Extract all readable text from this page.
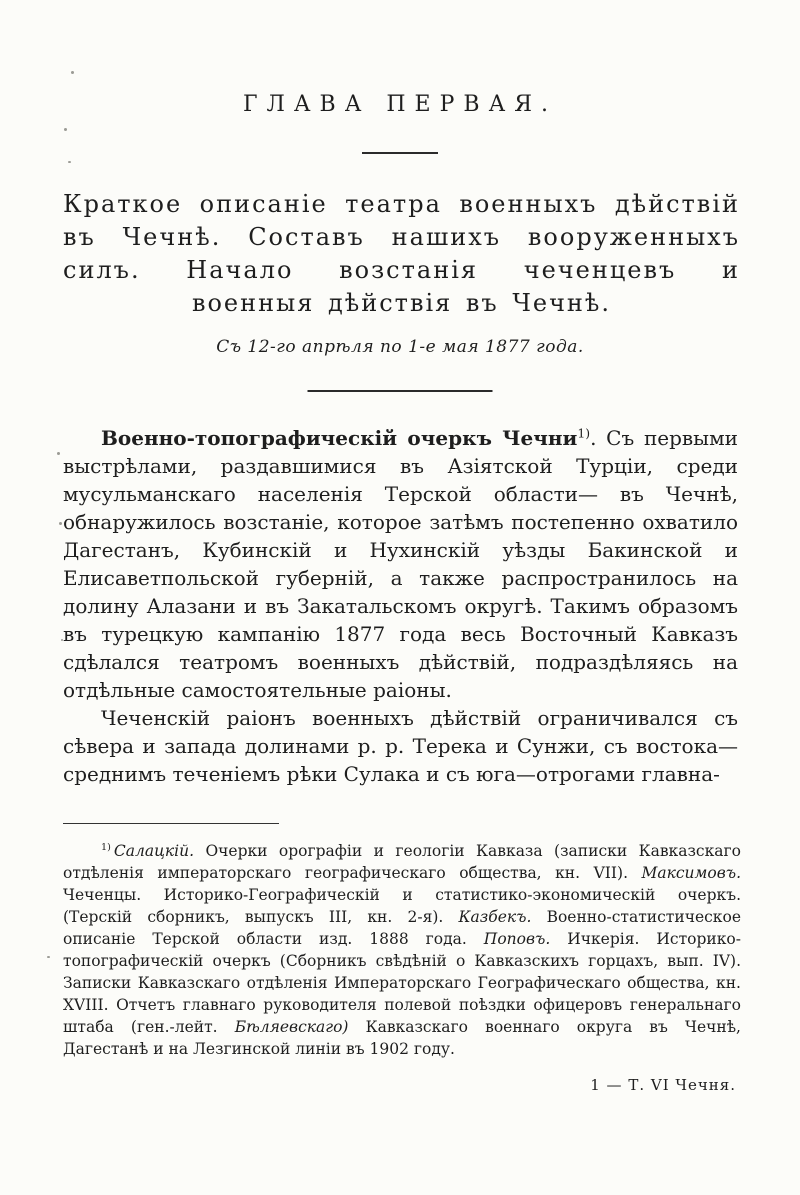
ГЛАВА ПЕРВАЯ.

Краткое описаніе театра военныхъ дѣйствій въ Чечнѣ. Составъ нашихъ вооруженныхъ силъ. Начало возстанія чеченцевъ и военныя дѣйствія въ Чечнѣ.

Съ 12-го апрѣля по 1-е мая 1877 года.

Военно-топографическій очеркъ Чечни$^{1)}$. Съ первыми выстрѣлами, раздавшимися въ Азіятской Турціи, среди мусульманскаго населенія Терской области— въ Чечнѣ, обнаружилось возстаніе, которое затѣмъ постепенно охватило Дагестанъ, Кубинскій и Нухинскій уѣзды Бакинской и Елисаветпольской губерній, а также распространилось на долину Алазани и въ Закатальскомъ округѣ. Такимъ образомъ въ турецкую кампанію 1877 года весь Восточный Кавказъ сдѣлался театромъ военныхъ дѣйствій, подраздѣляясь на отдѣльные самостоятельные раіоны.

Чеченскій раіонъ военныхъ дѣйствій ограничивался съ сѣвера и запада долинами р. р. Терека и Сунжи, съ востока— среднимъ теченіемъ рѣки Сулака и съ юга—отрогами главна-

$^{1)}$ Салацкій. Очерки орографіи и геологіи Кавказа (записки Кавказскаго отдѣленія императорскаго географическаго общества, кн. VII). Максимовъ. Чеченцы. Историко-Географическій и статистико-экономическій очеркъ. (Терскій сборникъ, выпускъ III, кн. 2-я). Казбекъ. Военно-статистическое описаніе Терской области изд. 1888 года. Поповъ. Ичкерія. Историко-топографическій очеркъ (Сборникъ свѣдѣній о Кавказскихъ горцахъ, вып. IV). Записки Кавказскаго отдѣленія Императорскаго Географическаго общества, кн. XVIII. Отчетъ главнаго руководителя полевой поѣздки офицеровъ генеральнаго штаба (ген.-лейт. Бѣляевскаго) Кавказскаго военнаго округа въ Чечнѣ, Дагестанѣ и на Лезгинской линіи въ 1902 году.

1 — Т. VI Чечня.
